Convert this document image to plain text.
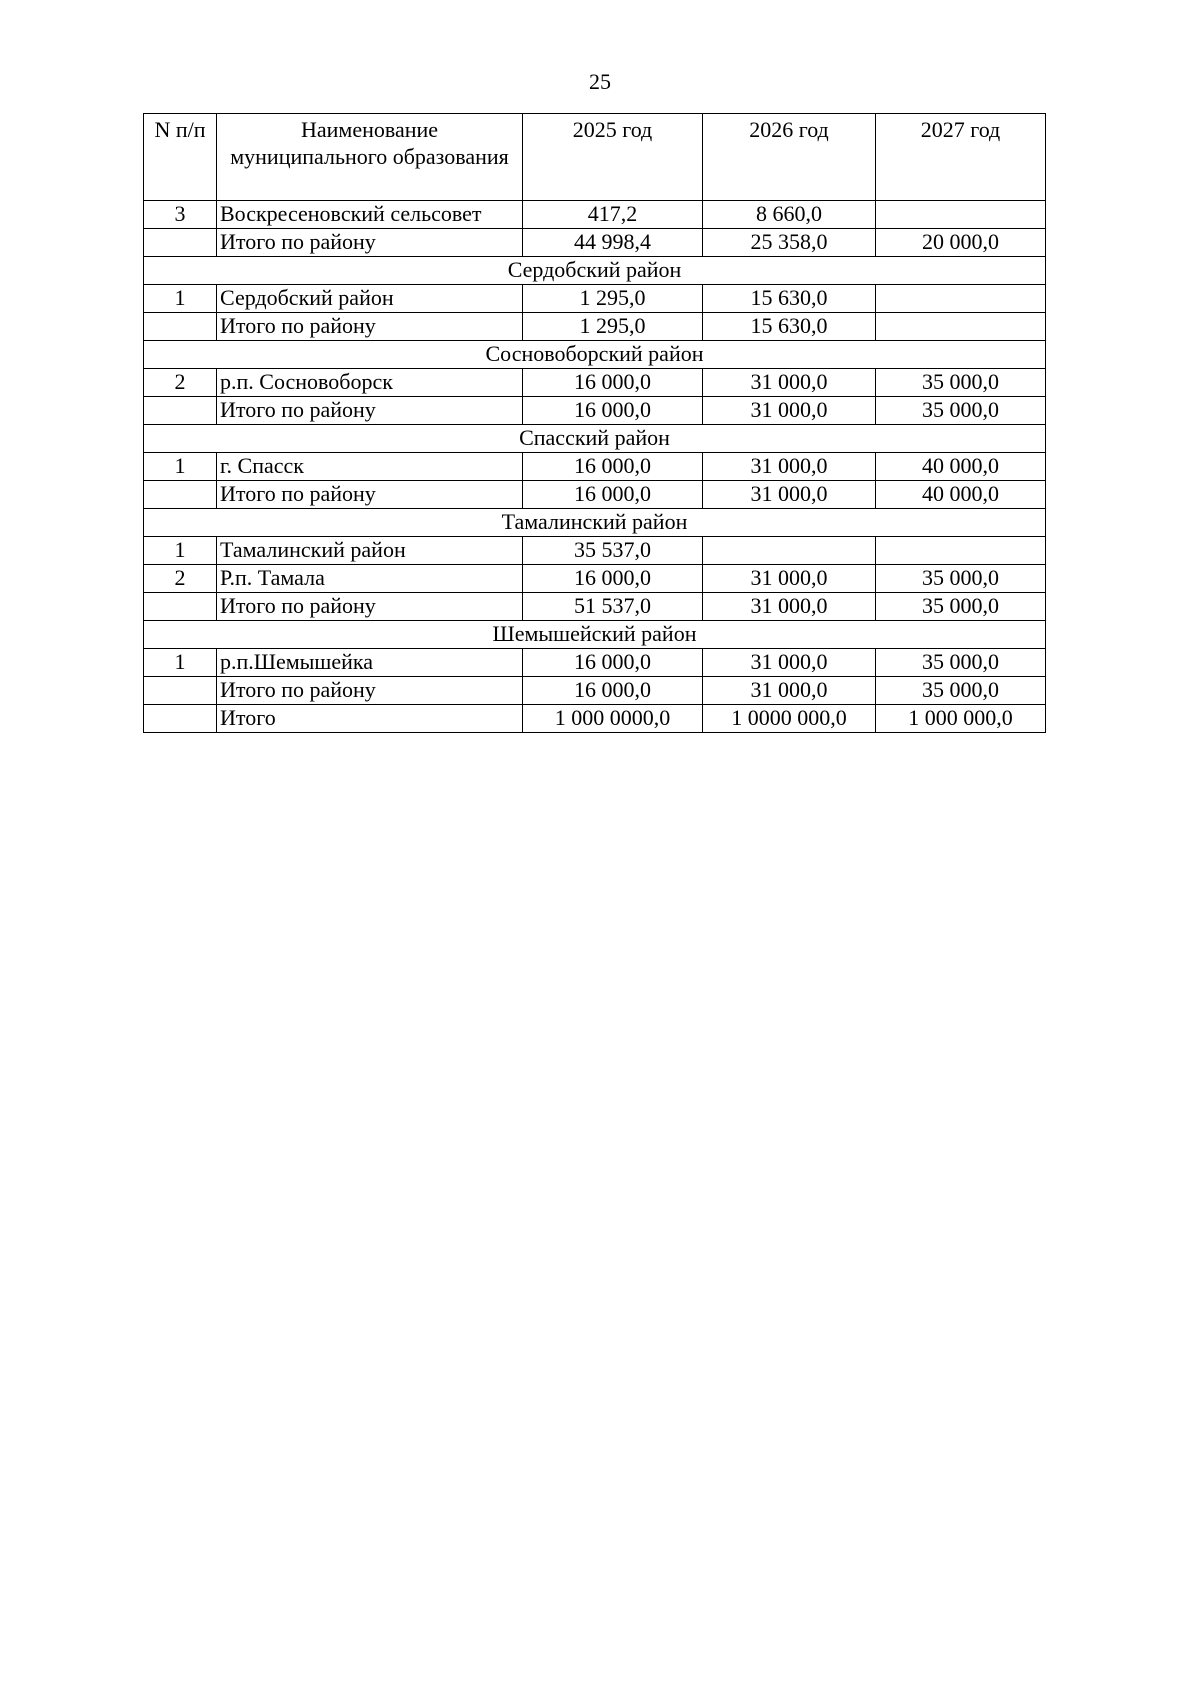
25
N п/п	Наименование муниципального образования	2025 год	2026 год	2027 год
3	Воскресеновский сельсовет	417,2	8 660,0	
	Итого по району	44 998,4	25 358,0	20 000,0
Сердобский район				
1	Сердобский район	1 295,0	15 630,0	
	Итого по району	1 295,0	15 630,0	
Сосновоборский район				
2	р.п. Сосновоборск	16 000,0	31 000,0	35 000,0
	Итого по району	16 000,0	31 000,0	35 000,0
Спасский район				
1	г. Спасск	16 000,0	31 000,0	40 000,0
	Итого по району	16 000,0	31 000,0	40 000,0
Тамалинский район				
1	Тамалинский район	35 537,0		
2	Р.п. Тамала	16 000,0	31 000,0	35 000,0
	Итого по району	51 537,0	31 000,0	35 000,0
Шемышейский район				
1	р.п.Шемышейка	16 000,0	31 000,0	35 000,0
	Итого по району	16 000,0	31 000,0	35 000,0
	Итого	1 000 0000,0	1 0000 000,0	1 000 000,0
